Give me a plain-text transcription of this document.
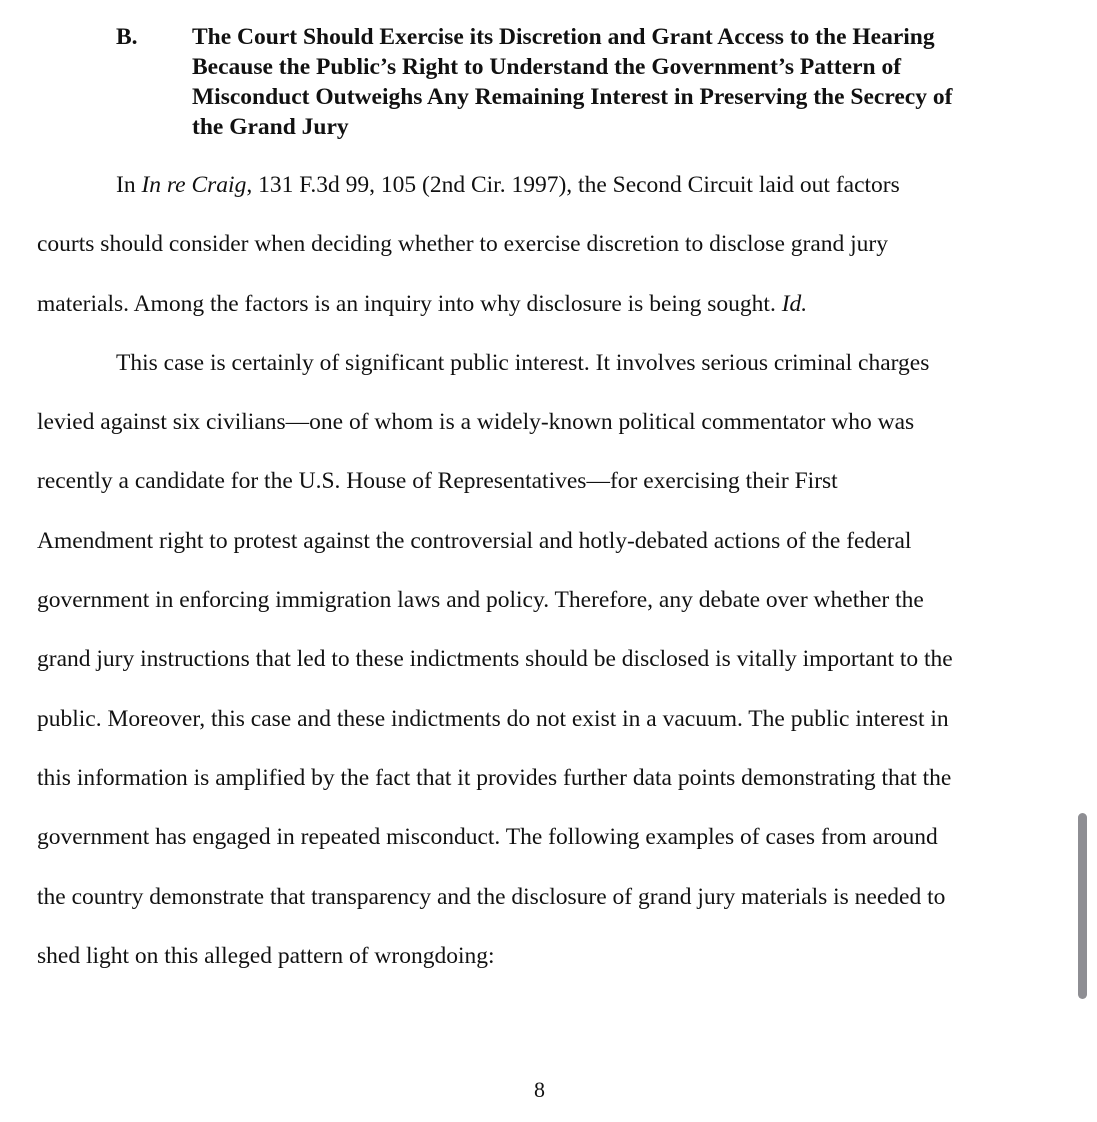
B.	The Court Should Exercise its Discretion and Grant Access to the Hearing
Because the Public’s Right to Understand the Government’s Pattern of
Misconduct Outweighs Any Remaining Interest in Preserving the Secrecy of
the Grand Jury
In In re Craig, 131 F.3d 99, 105 (2nd Cir. 1997), the Second Circuit laid out factors
courts should consider when deciding whether to exercise discretion to disclose grand jury
materials. Among the factors is an inquiry into why disclosure is being sought. Id.
This case is certainly of significant public interest. It involves serious criminal charges
levied against six civilians—one of whom is a widely-known political commentator who was
recently a candidate for the U.S. House of Representatives—for exercising their First
Amendment right to protest against the controversial and hotly-debated actions of the federal
government in enforcing immigration laws and policy. Therefore, any debate over whether the
grand jury instructions that led to these indictments should be disclosed is vitally important to the
public. Moreover, this case and these indictments do not exist in a vacuum. The public interest in
this information is amplified by the fact that it provides further data points demonstrating that the
government has engaged in repeated misconduct. The following examples of cases from around
the country demonstrate that transparency and the disclosure of grand jury materials is needed to
shed light on this alleged pattern of wrongdoing:
8
